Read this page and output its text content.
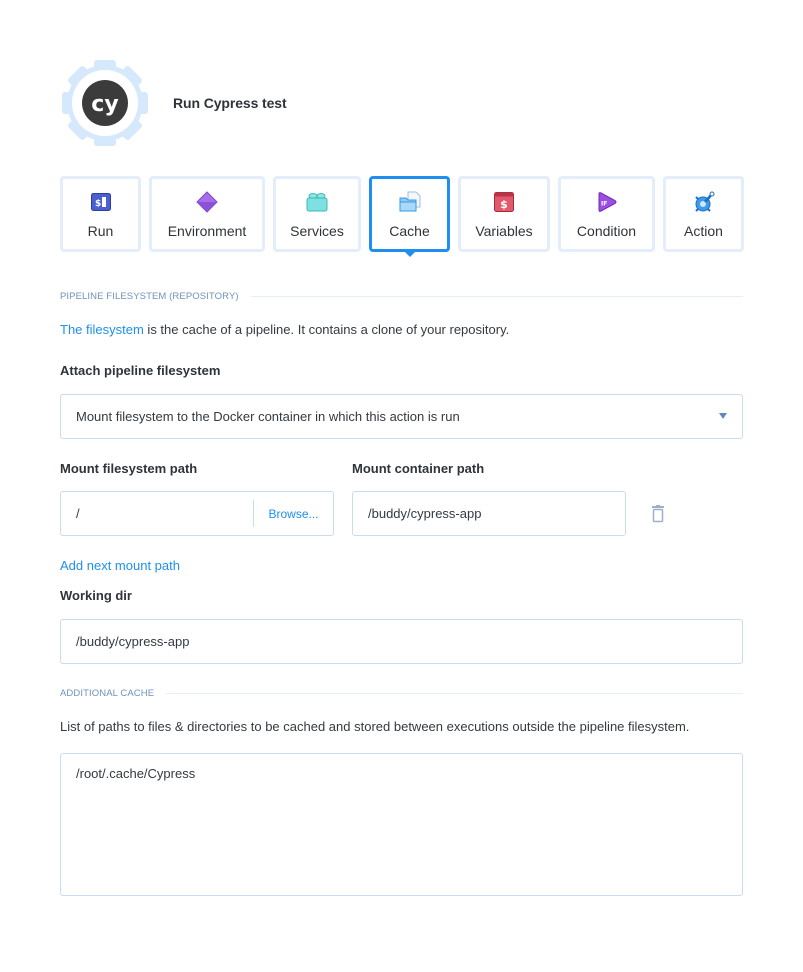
cy	Run Cypress test
$
Run	Environment	Services	Cache
$
Variables
IF
Condition	Action
PIPELINE FILESYSTEM (REPOSITORY)
The filesystem is the cache of a pipeline. It contains a clone of your repository.
Attach pipeline filesystem
Mount filesystem to the Docker container in which this action is run
Mount filesystem path
/	Browse...
Mount container path
/buddy/cypress-app
Add next mount path
Working dir
/buddy/cypress-app
ADDITIONAL CACHE
List of paths to files & directories to be cached and stored between executions outside the pipeline filesystem.
/root/.cache/Cypress
